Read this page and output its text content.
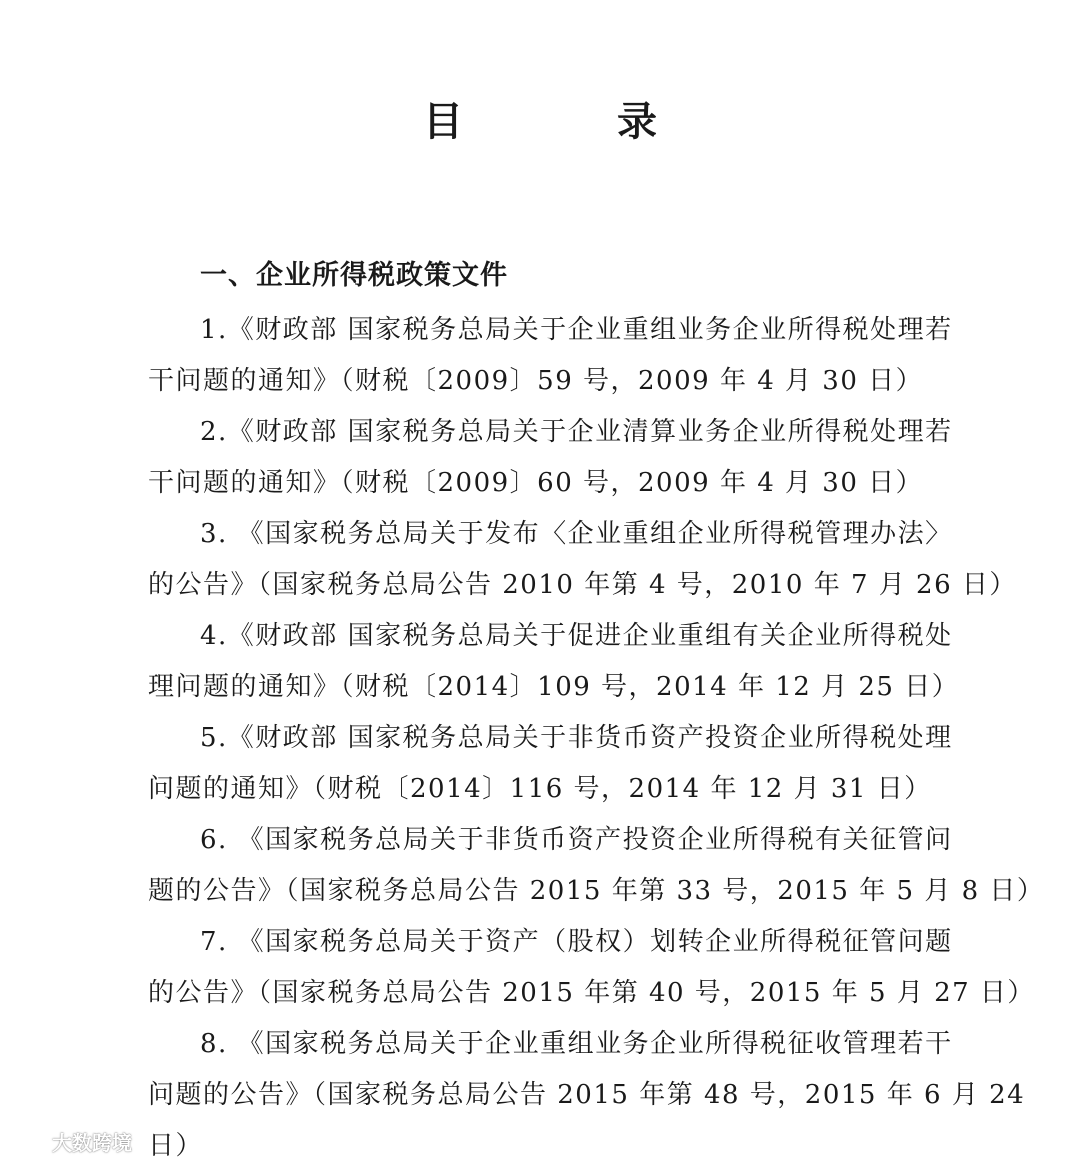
目 录
一、企业所得税政策文件

1.《财政部 国家税务总局关于企业重组业务企业所得税处理若
干问题的通知》（财税〔2009〕59 号，2009 年 4 月 30 日）

2.《财政部 国家税务总局关于企业清算业务企业所得税处理若
干问题的通知》（财税〔2009〕60 号，2009 年 4 月 30 日）

3. 《国家税务总局关于发布〈企业重组企业所得税管理办法〉
的公告》（国家税务总局公告 2010 年第 4 号，2010 年 7 月 26 日）

4.《财政部 国家税务总局关于促进企业重组有关企业所得税处
理问题的通知》（财税〔2014〕109 号，2014 年 12 月 25 日）

5.《财政部 国家税务总局关于非货币资产投资企业所得税处理
问题的通知》（财税〔2014〕116 号，2014 年 12 月 31 日）

6. 《国家税务总局关于非货币资产投资企业所得税有关征管问
题的公告》（国家税务总局公告 2015 年第 33 号，2015 年 5 月 8 日）

7. 《国家税务总局关于资产（股权）划转企业所得税征管问题
的公告》（国家税务总局公告 2015 年第 40 号，2015 年 5 月 27 日）

8. 《国家税务总局关于企业重组业务企业所得税征收管理若干
问题的公告》（国家税务总局公告 2015 年第 48 号，2015 年 6 月 24
日）

大数跨境
